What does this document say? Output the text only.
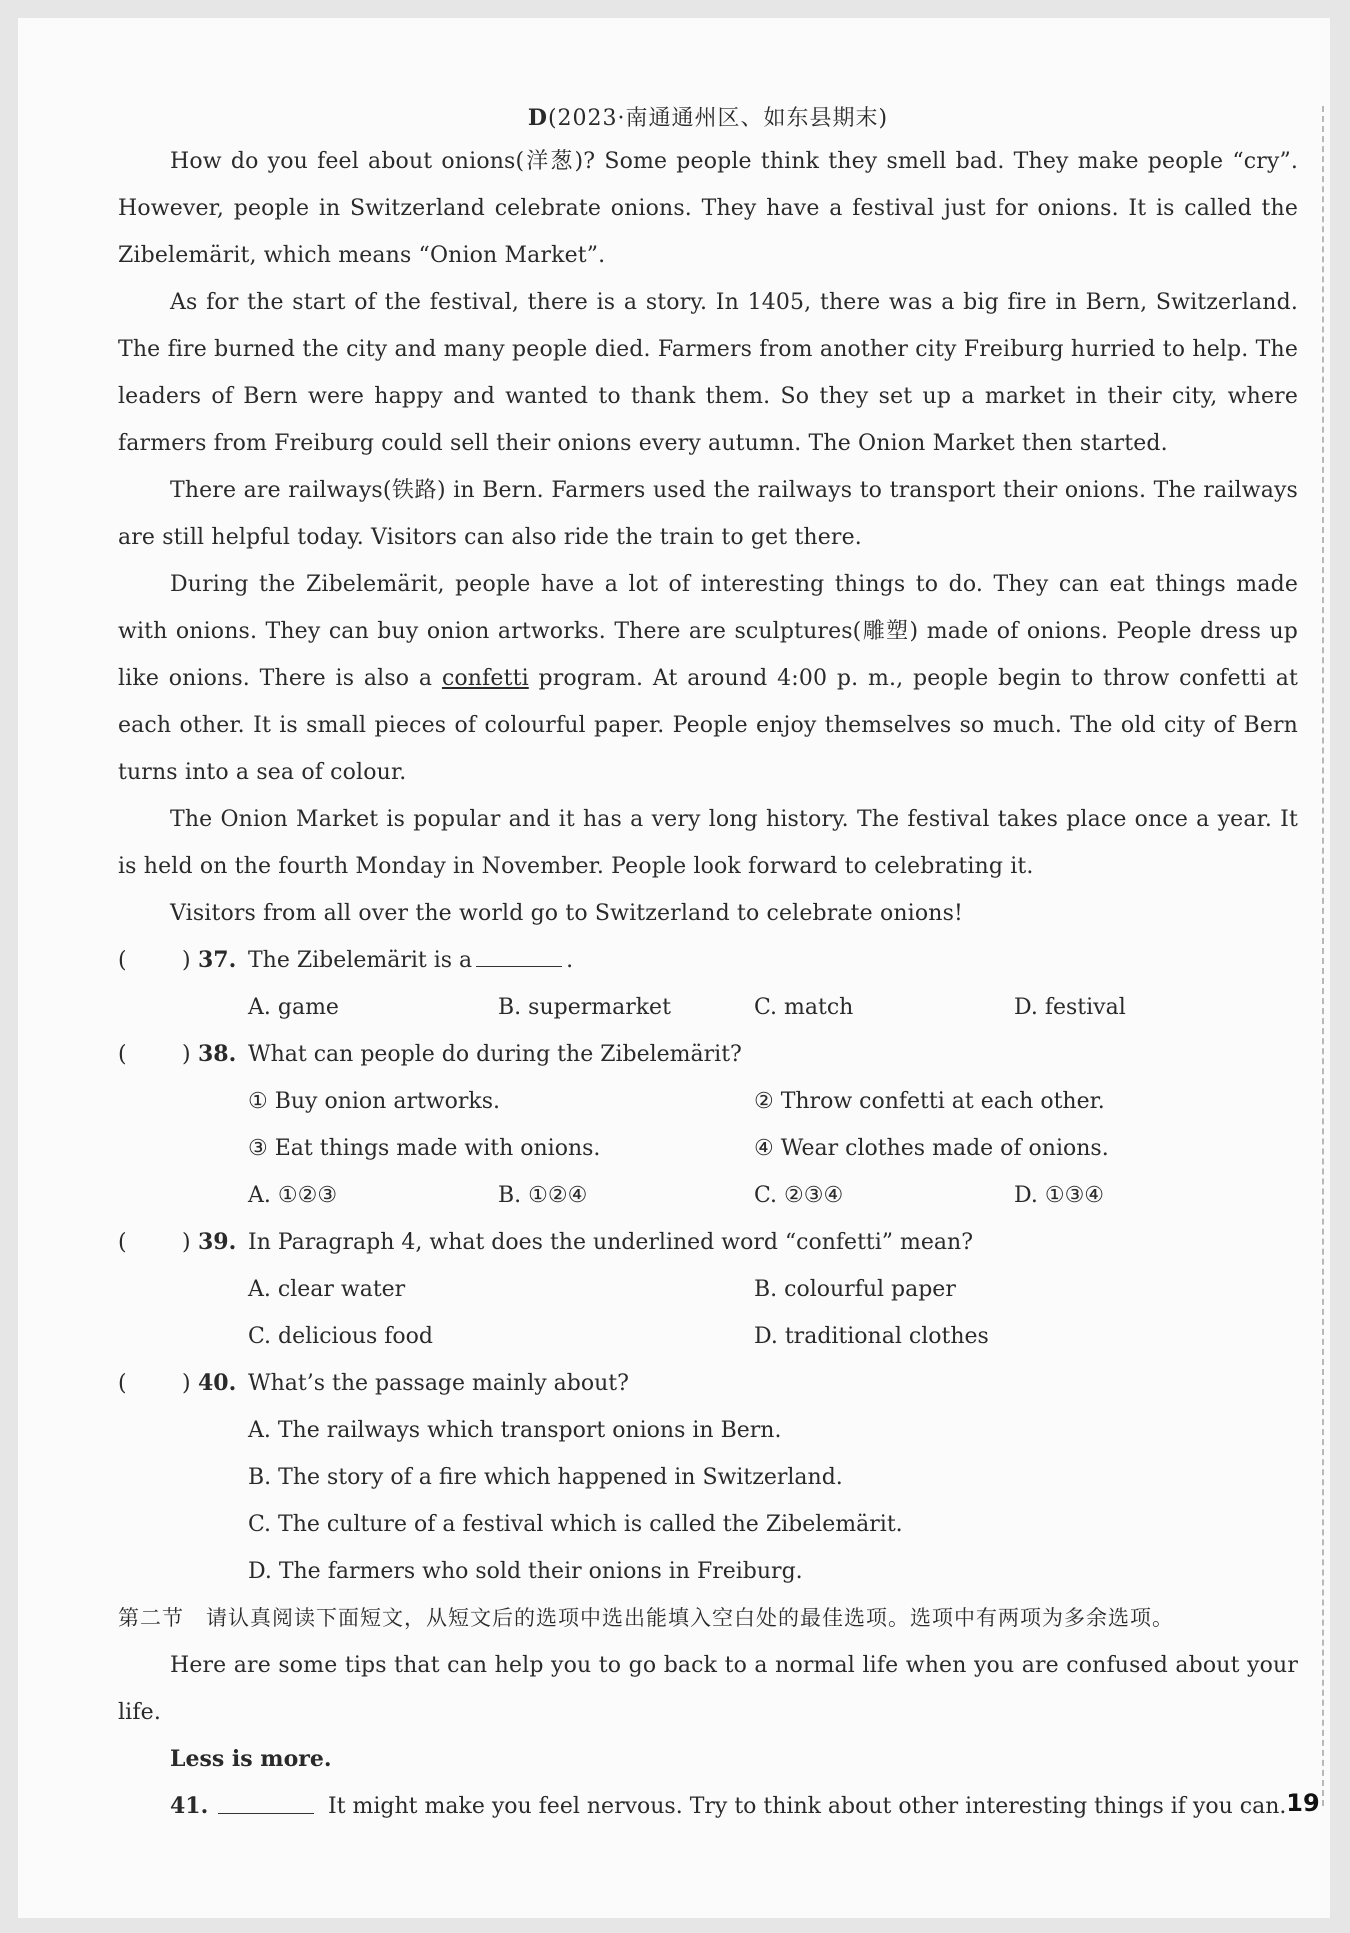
D(2023·南通通州区、如东县期末)

How do you feel about onions(洋葱)? Some people think they smell bad. They make people “cry”. However, people in Switzerland celebrate onions. They have a festival just for onions. It is called the Zibelemärit, which means “Onion Market”.

As for the start of the festival, there is a story. In 1405, there was a big fire in Bern, Switzerland. The fire burned the city and many people died. Farmers from another city Freiburg hurried to help. The leaders of Bern were happy and wanted to thank them. So they set up a market in their city, where farmers from Freiburg could sell their onions every autumn. The Onion Market then started.

There are railways(铁路) in Bern. Farmers used the railways to transport their onions. The railways are still helpful today. Visitors can also ride the train to get there.

During the Zibelemärit, people have a lot of interesting things to do. They can eat things made with onions. They can buy onion artworks. There are sculptures(雕塑) made of onions. People dress up like onions. There is also a confetti program. At around 4:00 p. m., people begin to throw confetti at each other. It is small pieces of colourful paper. People enjoy themselves so much. The old city of Bern turns into a sea of colour.

The Onion Market is popular and it has a very long history. The festival takes place once a year. It is held on the fourth Monday in November. People look forward to celebrating it.

Visitors from all over the world go to Switzerland to celebrate onions!

(	) 37. The Zibelemärit is a	.
A. game	B. supermarket	C. match	D. festival
(	) 38. What can people do during the Zibelemärit?
① Buy onion artworks.	② Throw confetti at each other.
③ Eat things made with onions.	④ Wear clothes made of onions.
A. ①②③	B. ①②④	C. ②③④	D. ①③④
(	) 39. In Paragraph 4, what does the underlined word “confetti” mean?
A. clear water	B. colourful paper
C. delicious food	D. traditional clothes
(	) 40. What’s the passage mainly about?
A. The railways which transport onions in Bern.
B. The story of a fire which happened in Switzerland.
C. The culture of a festival which is called the Zibelemärit.
D. The farmers who sold their onions in Freiburg.

第二节　请认真阅读下面短文，从短文后的选项中选出能填入空白处的最佳选项。选项中有两项为多余选项。

Here are some tips that can help you to go back to a normal life when you are confused about your life.

Less is more.

41.	It might make you feel nervous. Try to think about other interesting things if you can. 19
